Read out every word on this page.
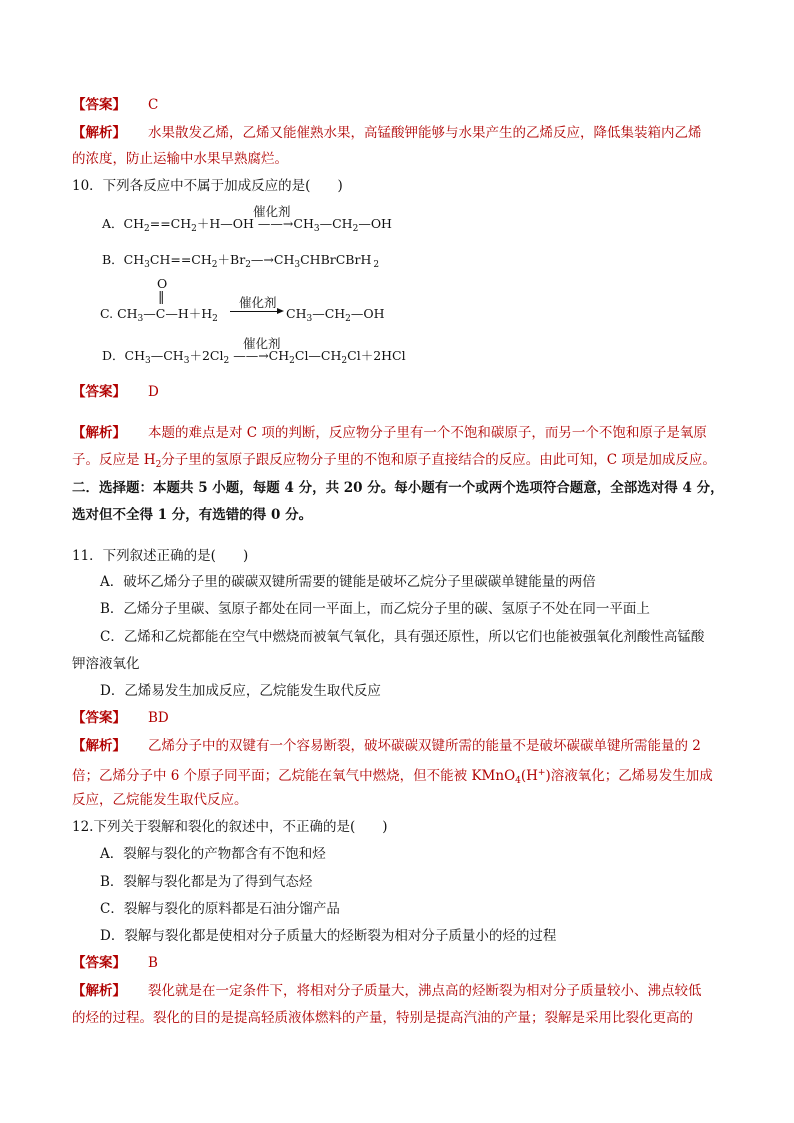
【答案】 C
【解析】 水果散发乙烯，乙烯又能催熟水果，高锰酸钾能够与水果产生的乙烯反应，降低集装箱内乙烯
的浓度，防止运输中水果早熟腐烂。
10．下列各反应中不属于加成反应的是(　　)
催化剂
A．$CH_2==CH_2+H—OH$ $——\to CH_3—CH_2—OH$
B．$CH_3CH==CH_2+Br_2—\to CH_3CHBrCBrH$ $_2$
O
‖	催化剂
C. $CH_3—C—H+H_2$	$CH_3—CH_2—OH$
催化剂
D．$CH_3—CH_3+2Cl_2$ $——\to CH_2Cl—CH_2Cl+2HCl$
【答案】 D
【解析】 本题的难点是对 C 项的判断，反应物分子里有一个不饱和碳原子，而另一个不饱和原子是氧原
子。反应是 $H_2$分子里的氢原子跟反应物分子里的不饱和原子直接结合的反应。由此可知，C 项是加成反应。
二．选择题：本题共 5 小题，每题 4 分，共 20 分。每小题有一个或两个选项符合题意，全部选对得 4 分，
选对但不全得 1 分，有选错的得 0 分。
11．下列叙述正确的是(　　)
A．破坏乙烯分子里的碳碳双键所需要的键能是破坏乙烷分子里碳碳单键能量的两倍
B．乙烯分子里碳、氢原子都处在同一平面上，而乙烷分子里的碳、氢原子不处在同一平面上
C．乙烯和乙烷都能在空气中燃烧而被氧气氧化，具有强还原性，所以它们也能被强氧化剂酸性高锰酸
钾溶液氧化
D．乙烯易发生加成反应，乙烷能发生取代反应
【答案】 BD
【解析】 乙烯分子中的双键有一个容易断裂，破坏碳碳双键所需的能量不是破坏碳碳单键所需能量的 2
倍；乙烯分子中 6 个原子同平面；乙烷能在氧气中燃烧，但不能被 KMnO$_4$(H+)溶液氧化；乙烯易发生加成
反应，乙烷能发生取代反应。
12.下列关于裂解和裂化的叙述中，不正确的是(　　)
A．裂解与裂化的产物都含有不饱和烃
B．裂解与裂化都是为了得到气态烃
C．裂解与裂化的原料都是石油分馏产品
D．裂解与裂化都是使相对分子质量大的烃断裂为相对分子质量小的烃的过程
【答案】 B
【解析】 裂化就是在一定条件下，将相对分子质量大，沸点高的烃断裂为相对分子质量较小、沸点较低
的烃的过程。裂化的目的是提高轻质液体燃料的产量，特别是提高汽油的产量；裂解是采用比裂化更高的
